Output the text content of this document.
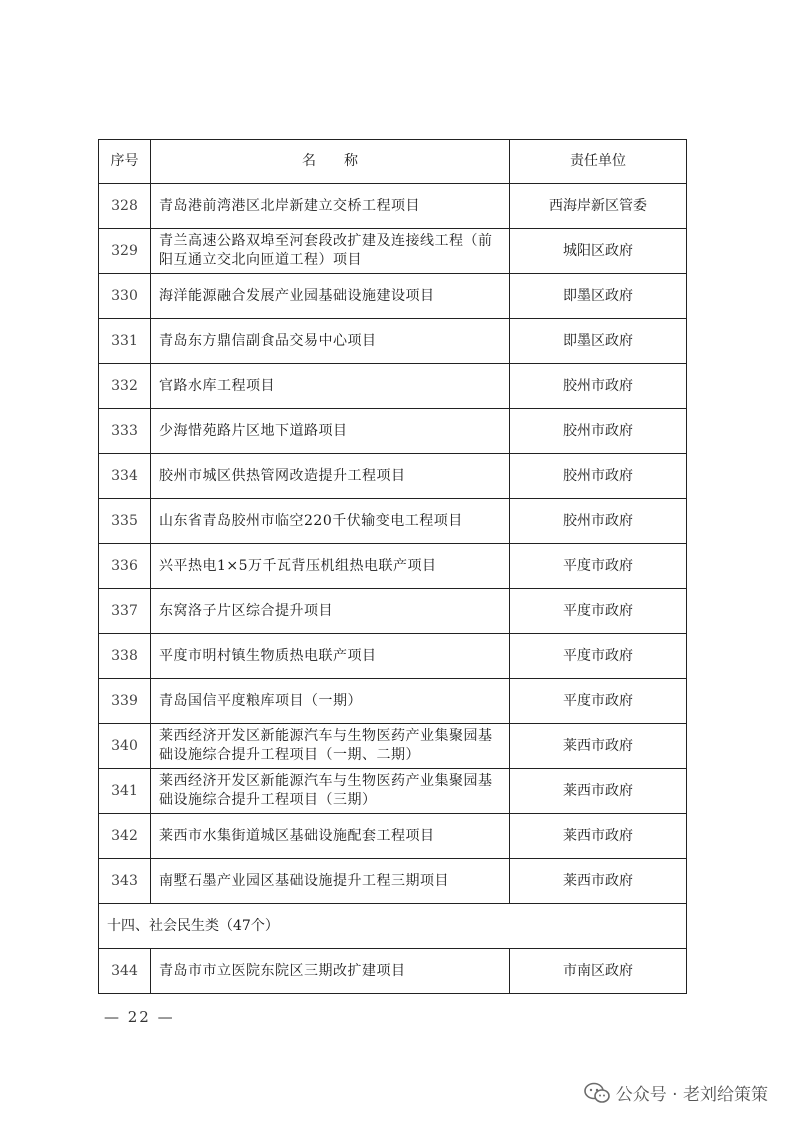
序号	名　　称	责任单位
328	青岛港前湾港区北岸新建立交桥工程项目	西海岸新区管委
329	青兰高速公路双埠至河套段改扩建及连接线工程（前阳互通立交北向匝道工程）项目	城阳区政府
330	海洋能源融合发展产业园基础设施建设项目	即墨区政府
331	青岛东方鼎信副食品交易中心项目	即墨区政府
332	官路水库工程项目	胶州市政府
333	少海惜苑路片区地下道路项目	胶州市政府
334	胶州市城区供热管网改造提升工程项目	胶州市政府
335	山东省青岛胶州市临空220千伏输变电工程项目	胶州市政府
336	兴平热电1×5万千瓦背压机组热电联产项目	平度市政府
337	东窝洛子片区综合提升项目	平度市政府
338	平度市明村镇生物质热电联产项目	平度市政府
339	青岛国信平度粮库项目（一期）	平度市政府
340	莱西经济开发区新能源汽车与生物医药产业集聚园基础设施综合提升工程项目（一期、二期）	莱西市政府
341	莱西经济开发区新能源汽车与生物医药产业集聚园基础设施综合提升工程项目（三期）	莱西市政府
342	莱西市水集街道城区基础设施配套工程项目	莱西市政府
343	南墅石墨产业园区基础设施提升工程三期项目	莱西市政府
十四、社会民生类（47个）		
344	青岛市市立医院东院区三期改扩建项目	市南区政府
— 22 —
公众号 · 老刘给策策
